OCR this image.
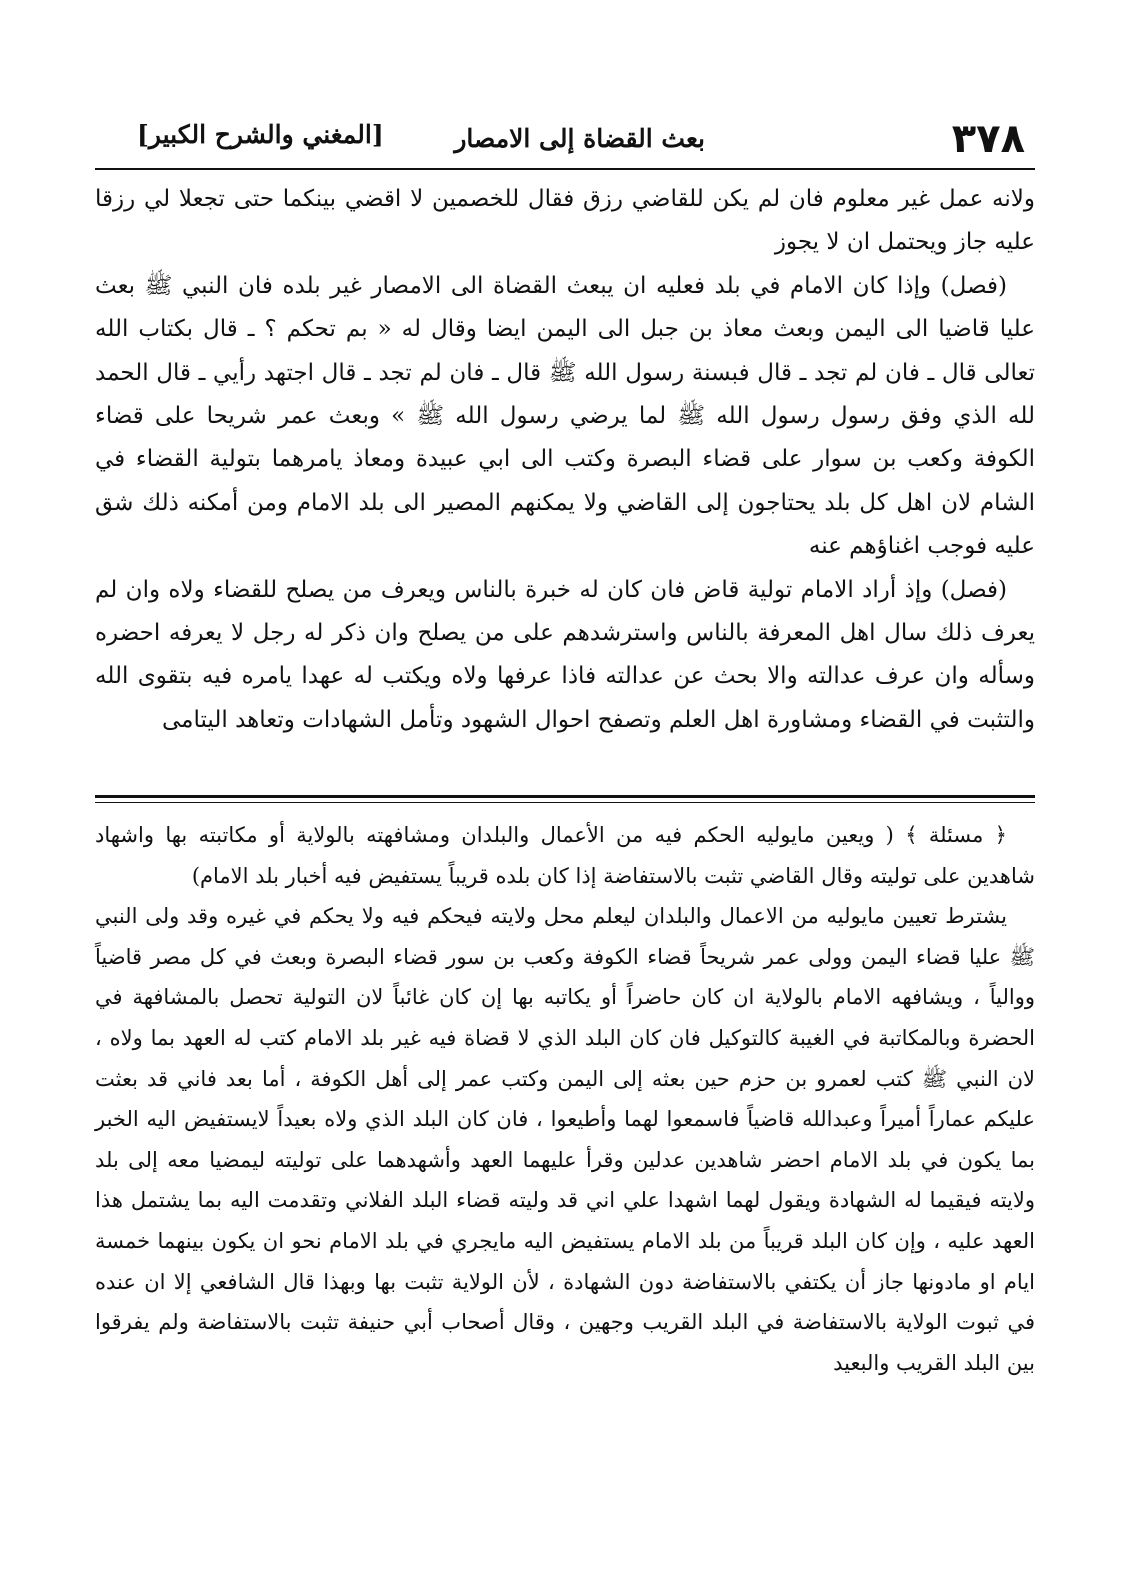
٣٧٨
بعث القضاة إلى الامصار
[المغني والشرح الكبير]

ولانه عمل غير معلوم فان لم يكن للقاضي رزق فقال للخصمين لا اقضي بينكما حتى تجعلا لي رزقا عليه جاز ويحتمل ان لا يجوز

(فصل) وإذا كان الامام في بلد فعليه ان يبعث القضاة الى الامصار غير بلده فان النبي ﷺ بعث عليا قاضيا الى اليمن وبعث معاذ بن جبل الى اليمن ايضا وقال له « بم تحكم ؟ ـ قال بكتاب الله تعالى قال ـ فان لم تجد ـ قال فبسنة رسول الله ﷺ قال ـ فان لم تجد ـ قال اجتهد رأيي ـ قال الحمد لله الذي وفق رسول رسول الله ﷺ لما يرضي رسول الله ﷺ » وبعث عمر شريحا على قضاء الكوفة وكعب بن سوار على قضاء البصرة وكتب الى ابي عبيدة ومعاذ يامرهما بتولية القضاء في الشام لان اهل كل بلد يحتاجون إلى القاضي ولا يمكنهم المصير الى بلد الامام ومن أمكنه ذلك شق عليه فوجب اغناؤهم عنه

(فصل) وإذ أراد الامام تولية قاض فان كان له خبرة بالناس ويعرف من يصلح للقضاء ولاه وان لم يعرف ذلك سال اهل المعرفة بالناس واسترشدهم على من يصلح وان ذكر له رجل لا يعرفه احضره وسأله وان عرف عدالته والا بحث عن عدالته فاذا عرفها ولاه ويكتب له عهدا يامره فيه بتقوى الله والتثبت في القضاء ومشاورة اهل العلم وتصفح احوال الشهود وتأمل الشهادات وتعاهد اليتامى

﴿ مسئلة ﴾ ( ويعين مايوليه الحكم فيه من الأعمال والبلدان ومشافهته بالولاية أو مكاتبته بها واشهاد شاهدين على توليته وقال القاضي تثبت بالاستفاضة إذا كان بلده قريباً يستفيض فيه أخبار بلد الامام)

يشترط تعيين مايوليه من الاعمال والبلدان ليعلم محل ولايته فيحكم فيه ولا يحكم في غيره وقد ولى النبي ﷺ عليا قضاء اليمن وولى عمر شريحاً قضاء الكوفة وكعب بن سور قضاء البصرة وبعث في كل مصر قاضياً ووالياً ، ويشافهه الامام بالولاية ان كان حاضراً أو يكاتبه بها إن كان غائباً لان التولية تحصل بالمشافهة في الحضرة وبالمكاتبة في الغيبة كالتوكيل فان كان البلد الذي لا قضاة فيه غير بلد الامام كتب له العهد بما ولاه ، لان النبي ﷺ كتب لعمرو بن حزم حين بعثه إلى اليمن وكتب عمر إلى أهل الكوفة ، أما بعد فاني قد بعثت عليكم عماراً أميراً وعبدالله قاضياً فاسمعوا لهما وأطيعوا ، فان كان البلد الذي ولاه بعيداً لايستفيض اليه الخبر بما يكون في بلد الامام احضر شاهدين عدلين وقرأ عليهما العهد وأشهدهما على توليته ليمضيا معه إلى بلد ولايته فيقيما له الشهادة ويقول لهما اشهدا علي اني قد وليته قضاء البلد الفلاني وتقدمت اليه بما يشتمل هذا العهد عليه ، وإن كان البلد قريباً من بلد الامام يستفيض اليه مايجري في بلد الامام نحو ان يكون بينهما خمسة ايام او مادونها جاز أن يكتفي بالاستفاضة دون الشهادة ، لأن الولاية تثبت بها وبهذا قال الشافعي إلا ان عنده في ثبوت الولاية بالاستفاضة في البلد القريب وجهين ، وقال أصحاب أبي حنيفة تثبت بالاستفاضة ولم يفرقوا بين البلد القريب والبعيد
